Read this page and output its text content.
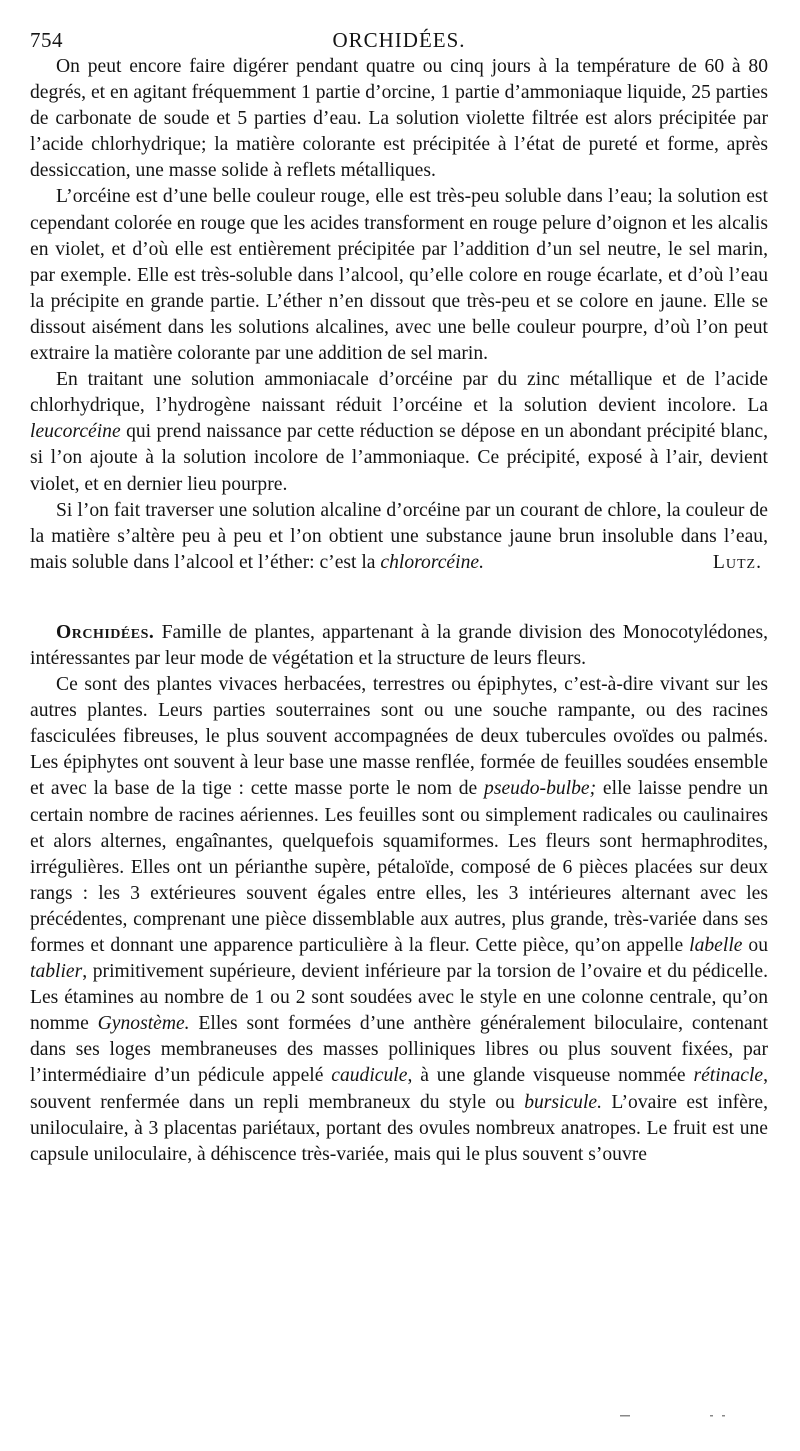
754	ORCHIDÉES.

On peut encore faire digérer pendant quatre ou cinq jours à la température de 60 à 80 degrés, et en agitant fréquemment 1 partie d’orcine, 1 partie d’ammoniaque liquide, 25 parties de carbonate de soude et 5 parties d’eau. La solution violette filtrée est alors précipitée par l’acide chlorhydrique; la matière colorante est précipitée à l’état de pureté et forme, après dessiccation, une masse solide à reflets métalliques.

L’orcéine est d’une belle couleur rouge, elle est très-peu soluble dans l’eau; la solution est cependant colorée en rouge que les acides transforment en rouge pelure d’oignon et les alcalis en violet, et d’où elle est entièrement précipitée par l’addition d’un sel neutre, le sel marin, par exemple. Elle est très-soluble dans l’alcool, qu’elle colore en rouge écarlate, et d’où l’eau la précipite en grande partie. L’éther n’en dissout que très-peu et se colore en jaune. Elle se dissout aisément dans les solutions alcalines, avec une belle couleur pourpre, d’où l’on peut extraire la matière colorante par une addition de sel marin.

En traitant une solution ammoniacale d’orcéine par du zinc métallique et de l’acide chlorhydrique, l’hydrogène naissant réduit l’orcéine et la solution devient incolore. La leucorcéine qui prend naissance par cette réduction se dépose en un abondant précipité blanc, si l’on ajoute à la solution incolore de l’ammoniaque. Ce précipité, exposé à l’air, devient violet, et en dernier lieu pourpre.

Si l’on fait traverser une solution alcaline d’orcéine par un courant de chlore, la couleur de la matière s’altère peu à peu et l’on obtient une substance jaune brun insoluble dans l’eau, mais soluble dans l’alcool et l’éther: c’est la chlororcéine.	Lutz.

Orchidées. Famille de plantes, appartenant à la grande division des Monocotylédones, intéressantes par leur mode de végétation et la structure de leurs fleurs.

Ce sont des plantes vivaces herbacées, terrestres ou épiphytes, c’est-à-dire vivant sur les autres plantes. Leurs parties souterraines sont ou une souche rampante, ou des racines fasciculées fibreuses, le plus souvent accompagnées de deux tubercules ovoïdes ou palmés. Les épiphytes ont souvent à leur base une masse renflée, formée de feuilles soudées ensemble et avec la base de la tige : cette masse porte le nom de pseudo-bulbe; elle laisse pendre un certain nombre de racines aériennes. Les feuilles sont ou simplement radicales ou caulinaires et alors alternes, engaînantes, quelquefois squamiformes. Les fleurs sont hermaphrodites, irrégulières. Elles ont un périanthe supère, pétaloïde, composé de 6 pièces placées sur deux rangs : les 3 extérieures souvent égales entre elles, les 3 intérieures alternant avec les précédentes, comprenant une pièce dissemblable aux autres, plus grande, très-variée dans ses formes et donnant une apparence particulière à la fleur. Cette pièce, qu’on appelle labelle ou tablier, primitivement supérieure, devient inférieure par la torsion de l’ovaire et du pédicelle. Les étamines au nombre de 1 ou 2 sont soudées avec le style en une colonne centrale, qu’on nomme Gynostème. Elles sont formées d’une anthère généralement biloculaire, contenant dans ses loges membraneuses des masses polliniques libres ou plus souvent fixées, par l’intermédiaire d’un pédicule appelé caudicule, à une glande visqueuse nommée rétinacle, souvent renfermée dans un repli membraneux du style ou bursicule. L’ovaire est infère, uniloculaire, à 3 placentas pariétaux, portant des ovules nombreux anatropes. Le fruit est une capsule uniloculaire, à déhiscence très-variée, mais qui le plus souvent s’ouvre
